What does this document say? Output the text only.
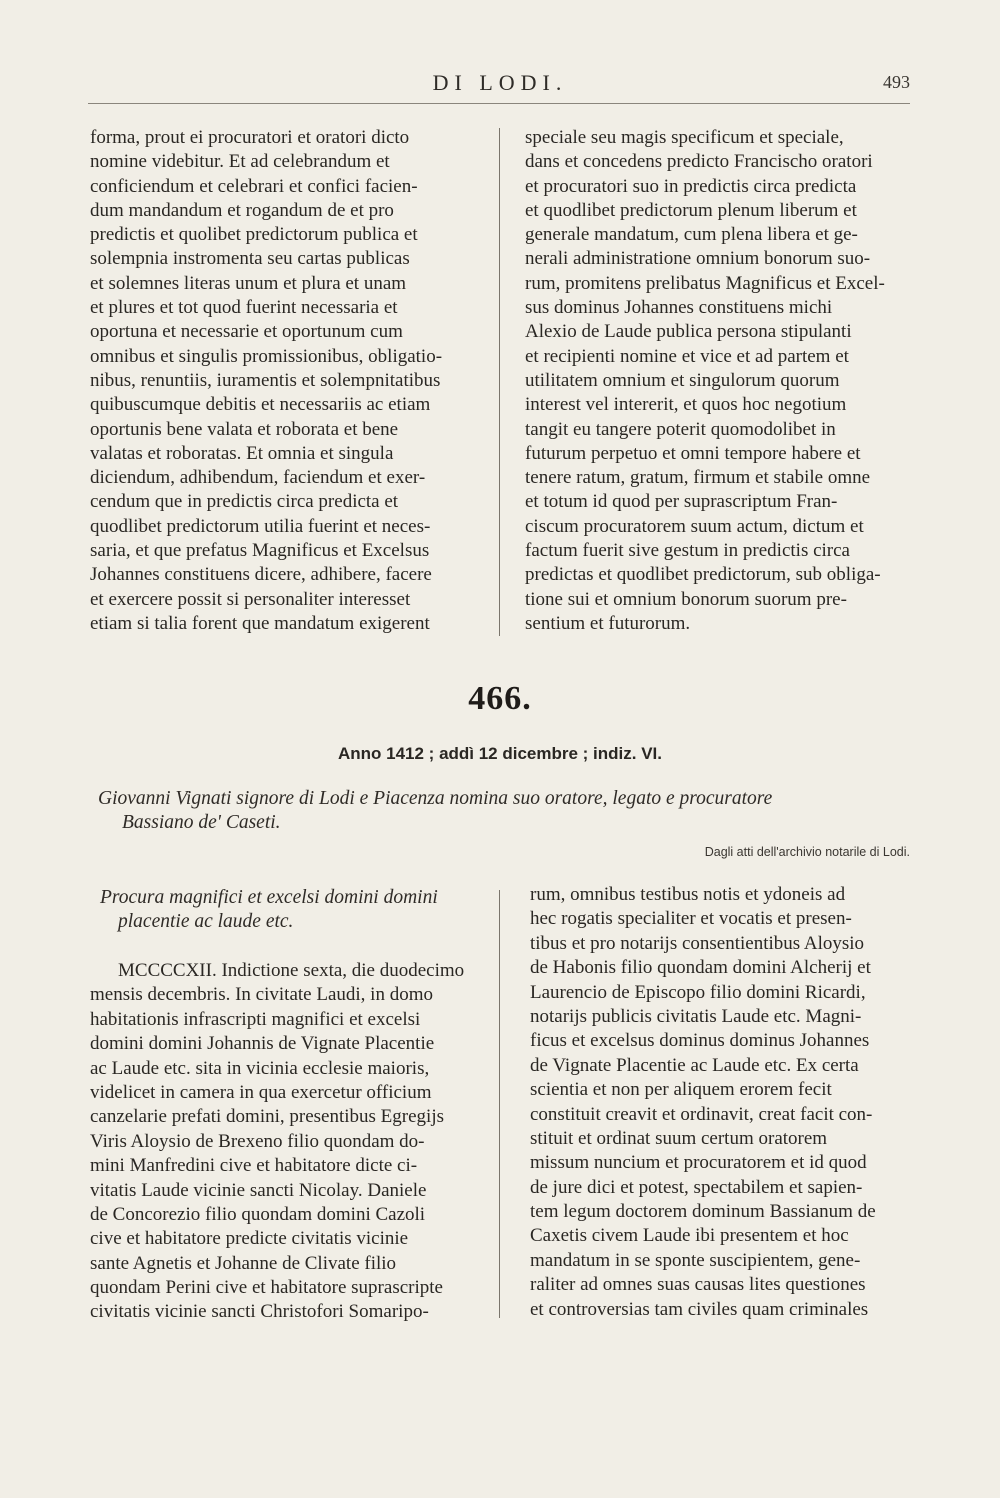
DI LODI.	493
forma, prout ei procuratori et oratori dicto
nomine videbitur. Et ad celebrandum et
conficiendum et celebrari et confici facien-
dum mandandum et rogandum de et pro
predictis et quolibet predictorum publica et
solempnia instromenta seu cartas publicas
et solemnes literas unum et plura et unam
et plures et tot quod fuerint necessaria et
oportuna et necessarie et oportunum cum
omnibus et singulis promissionibus, obligatio-
nibus, renuntiis, iuramentis et solempnitatibus
quibuscumque debitis et necessariis ac etiam
oportunis bene valata et roborata et bene
valatas et roboratas. Et omnia et singula
diciendum, adhibendum, faciendum et exer-
cendum que in predictis circa predicta et
quodlibet predictorum utilia fuerint et neces-
saria, et que prefatus Magnificus et Excelsus
Johannes constituens dicere, adhibere, facere
et exercere possit si personaliter interesset
etiam si talia forent que mandatum exigerent
speciale seu magis specificum et speciale,
dans et concedens predicto Francischo oratori
et procuratori suo in predictis circa predicta
et quodlibet predictorum plenum liberum et
generale mandatum, cum plena libera et ge-
nerali administratione omnium bonorum suo-
rum, promitens prelibatus Magnificus et Excel-
sus dominus Johannes constituens michi
Alexio de Laude publica persona stipulanti
et recipienti nomine et vice et ad partem et
utilitatem omnium et singulorum quorum
interest vel intererit, et quos hoc negotium
tangit eu tangere poterit quomodolibet in
futurum perpetuo et omni tempore habere et
tenere ratum, gratum, firmum et stabile omne
et totum id quod per suprascriptum Fran-
ciscum procuratorem suum actum, dictum et
factum fuerit sive gestum in predictis circa
predictas et quodlibet predictorum, sub obliga-
tione sui et omnium bonorum suorum pre-
sentium et futurorum.
466.
Anno 1412 ; addì 12 dicembre ; indiz. VI.
Giovanni Vignati signore di Lodi e Piacenza nomina suo oratore, legato e procuratore
Bassiano de' Caseti.
Dagli atti dell'archivio notarile di Lodi.
Procura magnifici et excelsi domini domini
placentie ac laude etc.
MCCCCXII. Indictione sexta, die duodecimo
mensis decembris. In civitate Laudi, in domo
habitationis infrascripti magnifici et excelsi
domini domini Johannis de Vignate Placentie
ac Laude etc. sita in vicinia ecclesie maioris,
videlicet in camera in qua exercetur officium
canzelarie prefati domini, presentibus Egregijs
Viris Aloysio de Brexeno filio quondam do-
mini Manfredini cive et habitatore dicte ci-
vitatis Laude vicinie sancti Nicolay. Daniele
de Concorezio filio quondam domini Cazoli
cive et habitatore predicte civitatis vicinie
sante Agnetis et Johanne de Clivate filio
quondam Perini cive et habitatore suprascripte
civitatis vicinie sancti Christofori Somaripo-
rum, omnibus testibus notis et ydoneis ad
hec rogatis specialiter et vocatis et presen-
tibus et pro notarijs consentientibus Aloysio
de Habonis filio quondam domini Alcherij et
Laurencio de Episcopo filio domini Ricardi,
notarijs publicis civitatis Laude etc. Magni-
ficus et excelsus dominus dominus Johannes
de Vignate Placentie ac Laude etc. Ex certa
scientia et non per aliquem erorem fecit
constituit creavit et ordinavit, creat facit con-
stituit et ordinat suum certum oratorem
missum nuncium et procuratorem et id quod
de jure dici et potest, spectabilem et sapien-
tem legum doctorem dominum Bassianum de
Caxetis civem Laude ibi presentem et hoc
mandatum in se sponte suscipientem, gene-
raliter ad omnes suas causas lites questiones
et controversias tam civiles quam criminales
